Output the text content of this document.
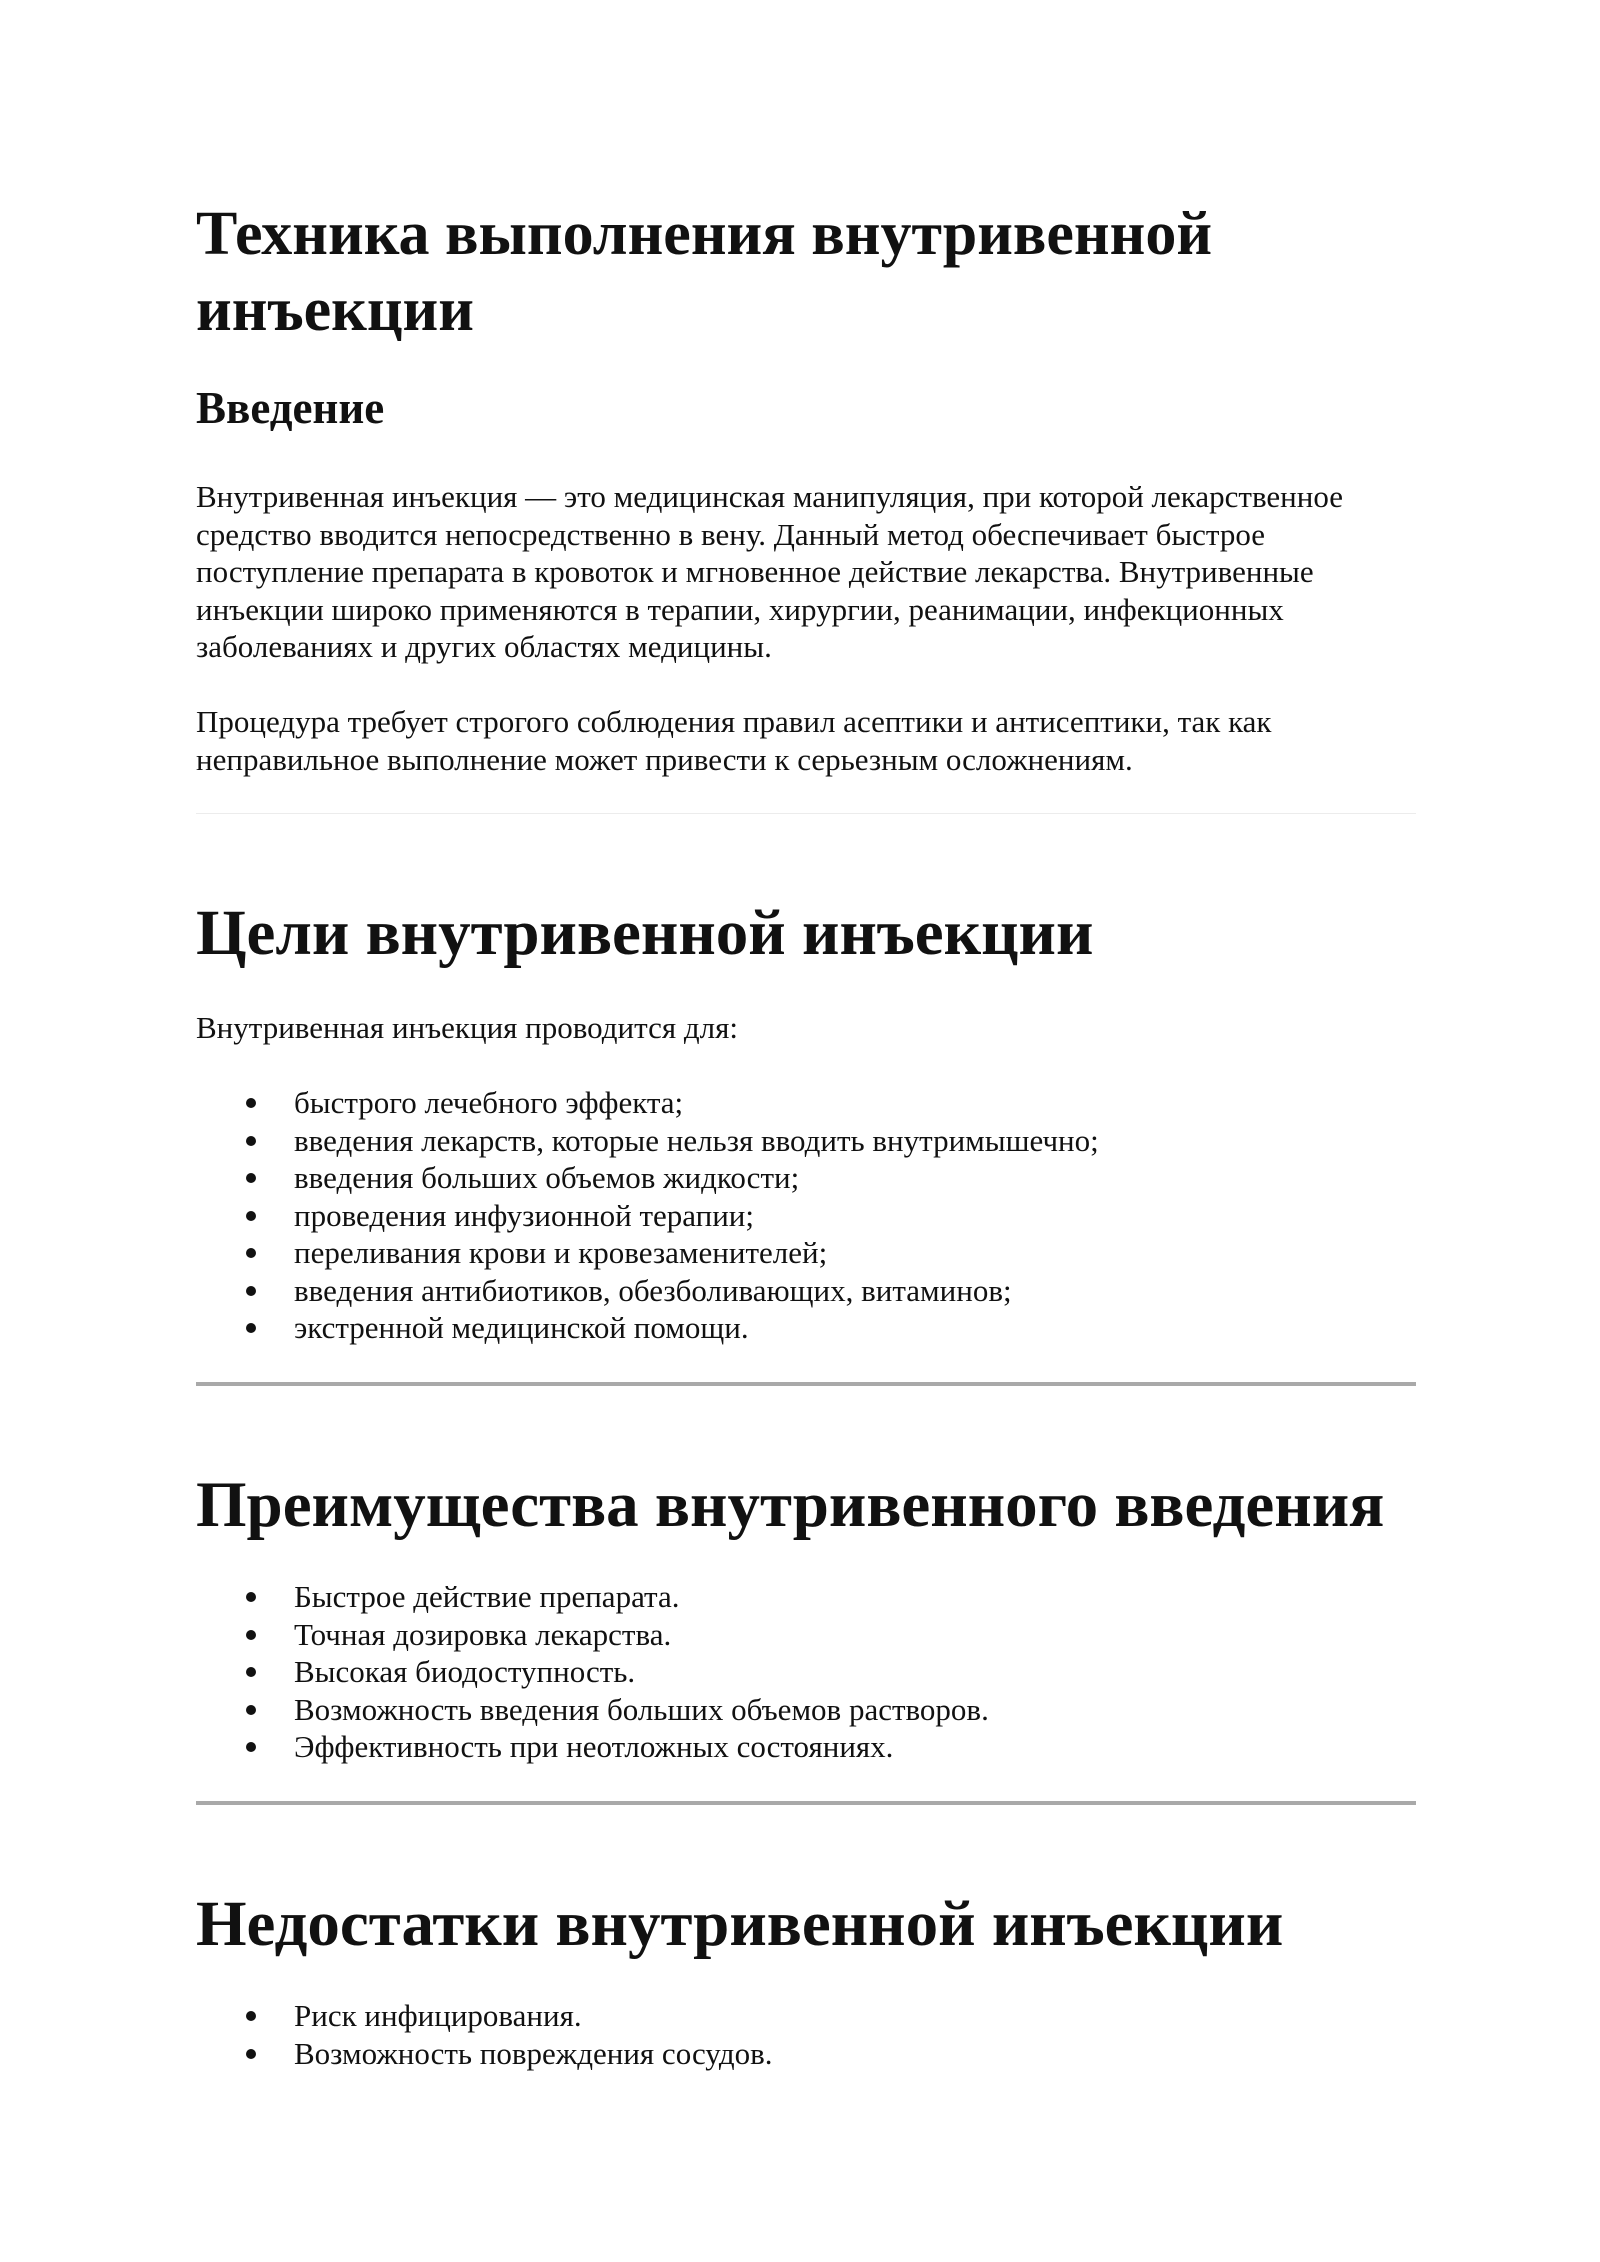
Техника выполнения внутривенной инъекции
Введение

Внутривенная инъекция — это медицинская манипуляция, при которой лекарственное средство вводится непосредственно в вену. Данный метод обеспечивает быстрое поступление препарата в кровоток и мгновенное действие лекарства. Внутривенные инъекции широко применяются в терапии, хирургии, реанимации, инфекционных заболеваниях и других областях медицины.

Процедура требует строгого соблюдения правил асептики и антисептики, так как неправильное выполнение может привести к серьезным осложнениям.

Цели внутривенной инъекции

Внутривенная инъекция проводится для:

быстрого лечебного эффекта;
введения лекарств, которые нельзя вводить внутримышечно;
введения больших объемов жидкости;
проведения инфузионной терапии;
переливания крови и кровезаменителей;
введения антибиотиков, обезболивающих, витаминов;
экстренной медицинской помощи.
Преимущества внутривенного введения
Быстрое действие препарата.
Точная дозировка лекарства.
Высокая биодоступность.
Возможность введения больших объемов растворов.
Эффективность при неотложных состояниях.
Недостатки внутривенной инъекции
Риск инфицирования.
Возможность повреждения сосудов.
